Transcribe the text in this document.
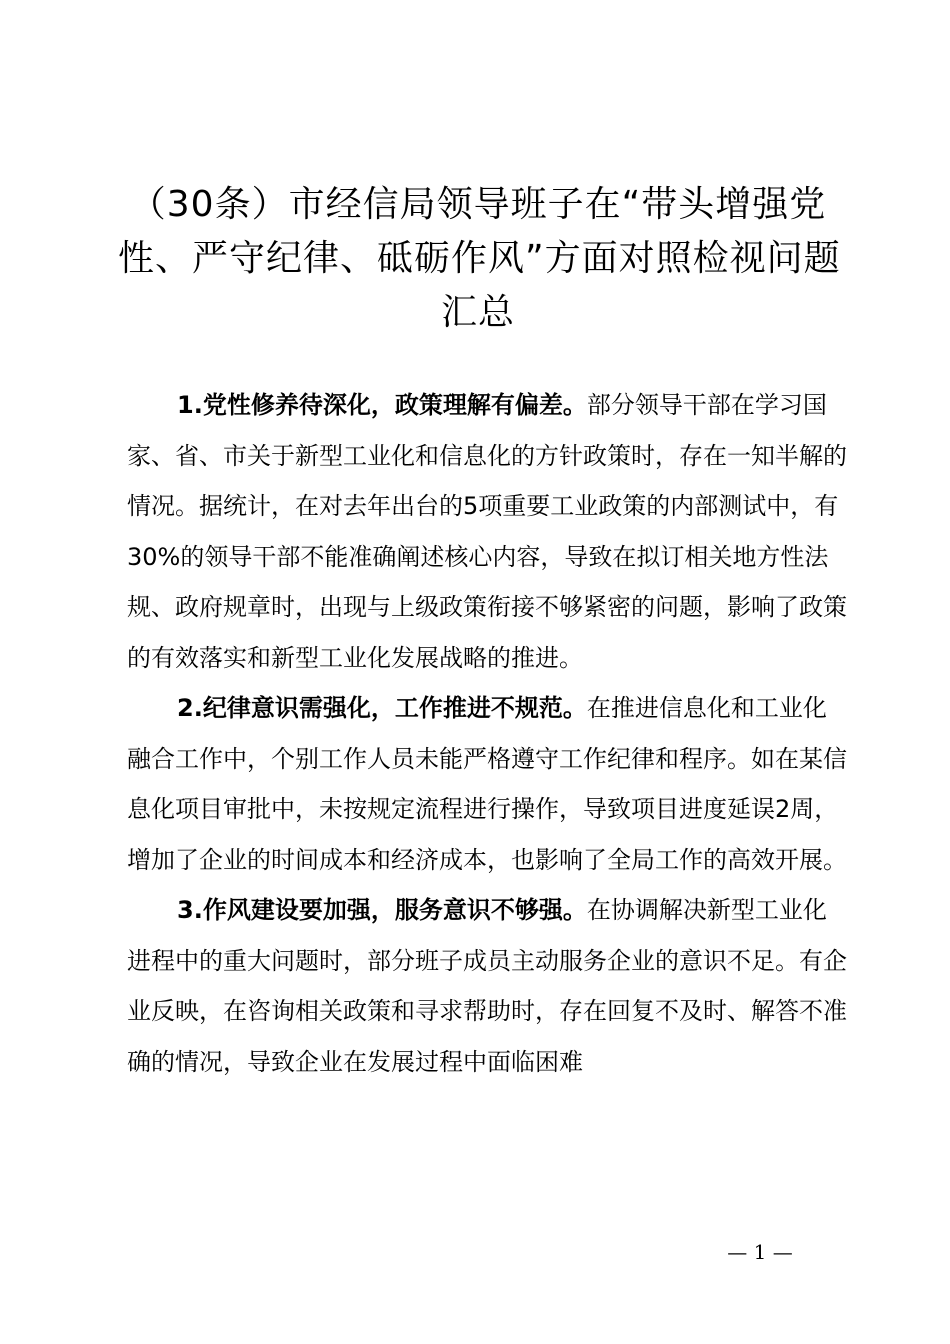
（30条）市经信局领导班子在“带头增强党
性、严守纪律、砥砺作风”方面对照检视问题
汇总

1.党性修养待深化，政策理解有偏差。部分领导干部在学习国家、省、市关于新型工业化和信息化的方针政策时，存在一知半解的情况。据统计，在对去年出台的5项重要工业政策的内部测试中，有30%的领导干部不能准确阐述核心内容，导致在拟订相关地方性法规、政府规章时，出现与上级政策衔接不够紧密的问题，影响了政策的有效落实和新型工业化发展战略的推进。

2.纪律意识需强化，工作推进不规范。在推进信息化和工业化融合工作中，个别工作人员未能严格遵守工作纪律和程序。如在某信息化项目审批中，未按规定流程进行操作，导致项目进度延误2周，增加了企业的时间成本和经济成本，也影响了全局工作的高效开展。

3.作风建设要加强，服务意识不够强。在协调解决新型工业化进程中的重大问题时，部分班子成员主动服务企业的意识不足。有企业反映，在咨询相关政策和寻求帮助时，存在回复不及时、解答不准确的情况，导致企业在发展过程中面临困难

— 1 —
